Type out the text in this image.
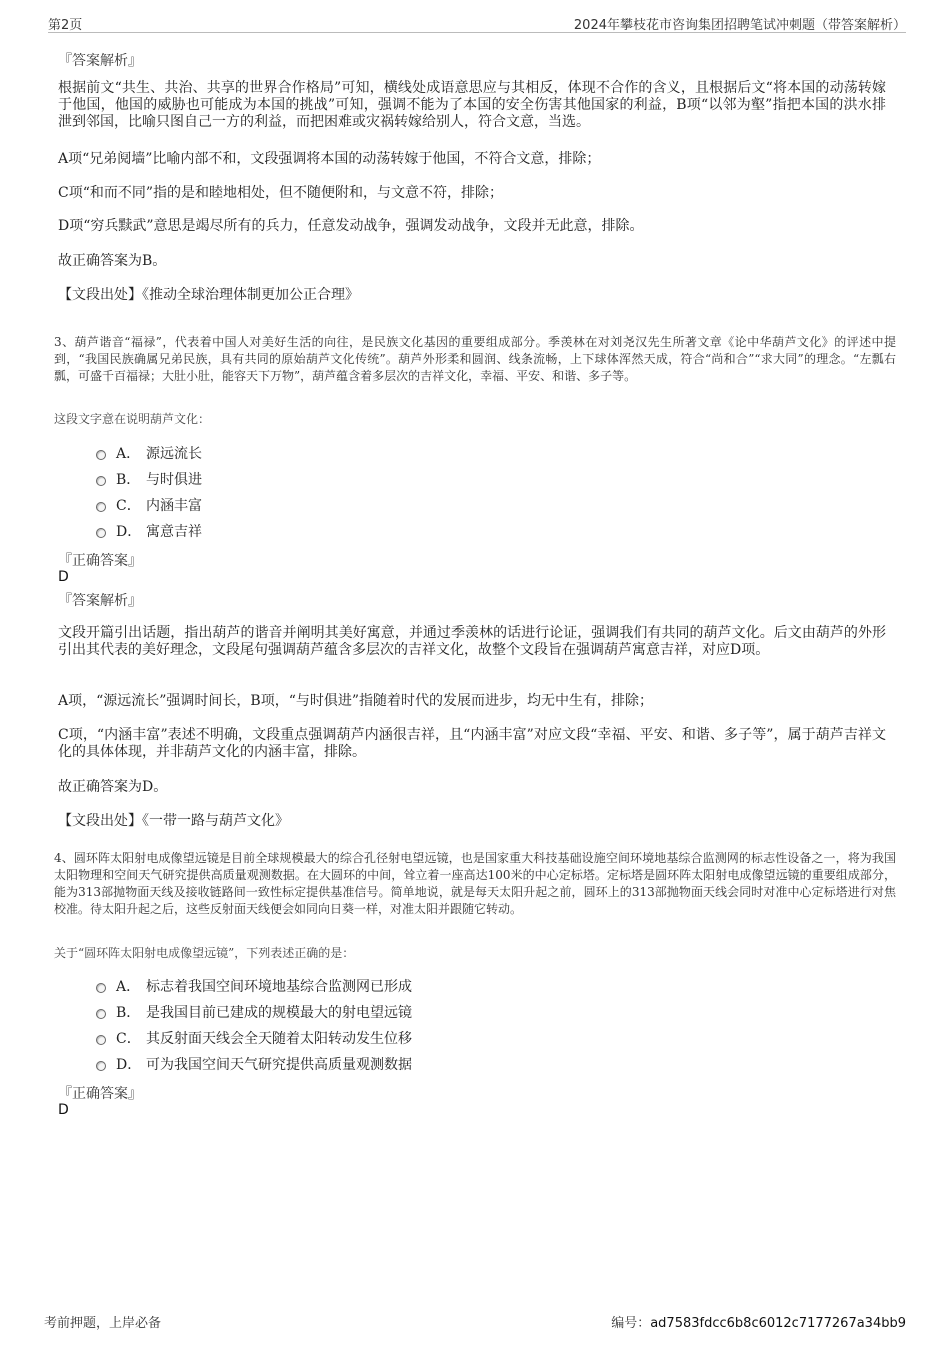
第2页	2024年攀枝花市咨询集团招聘笔试冲刺题（带答案解析）
『答案解析』
根据前文“共生、共治、共享的世界合作格局”可知，横线处成语意思应与其相反，体现不合作的含义，且根据后文“将本国的动荡转嫁于他国，他国的威胁也可能成为本国的挑战”可知，强调不能为了本国的安全伤害其他国家的利益，B项“以邻为壑”指把本国的洪水排泄到邻国，比喻只图自己一方的利益，而把困难或灾祸转嫁给别人，符合文意，当选。
A项“兄弟阋墙”比喻内部不和，文段强调将本国的动荡转嫁于他国，不符合文意，排除；
C项“和而不同”指的是和睦地相处，但不随便附和，与文意不符，排除；
D项“穷兵黩武”意思是竭尽所有的兵力，任意发动战争，强调发动战争，文段并无此意，排除。
故正确答案为B。
【文段出处】《推动全球治理体制更加公正合理》
3、葫芦谐音“福禄”，代表着中国人对美好生活的向往，是民族文化基因的重要组成部分。季羡林在对刘尧汉先生所著文章《论中华葫芦文化》的评述中提到，“我国民族确属兄弟民族，具有共同的原始葫芦文化传统”。葫芦外形柔和圆润、线条流畅，上下球体浑然天成，符合“尚和合”“求大同”的理念。“左瓢右瓢，可盛千百福禄；大肚小肚，能容天下万物”，葫芦蕴含着多层次的吉祥文化，幸福、平安、和谐、多子等。
这段文字意在说明葫芦文化：
A． 源远流长
B． 与时俱进
C． 内涵丰富
D． 寓意吉祥
『正确答案』
D
『答案解析』
文段开篇引出话题，指出葫芦的谐音并阐明其美好寓意，并通过季羡林的话进行论证，强调我们有共同的葫芦文化。后文由葫芦的外形引出其代表的美好理念，文段尾句强调葫芦蕴含多层次的吉祥文化，故整个文段旨在强调葫芦寓意吉祥，对应D项。
A项，“源远流长”强调时间长，B项，“与时俱进”指随着时代的发展而进步，均无中生有，排除；
C项，“内涵丰富”表述不明确，文段重点强调葫芦内涵很吉祥，且“内涵丰富”对应文段“幸福、平安、和谐、多子等”，属于葫芦吉祥文化的具体体现，并非葫芦文化的内涵丰富，排除。
故正确答案为D。
【文段出处】《一带一路与葫芦文化》
4、圆环阵太阳射电成像望远镜是目前全球规模最大的综合孔径射电望远镜，也是国家重大科技基础设施空间环境地基综合监测网的标志性设备之一，将为我国太阳物理和空间天气研究提供高质量观测数据。在大圆环的中间，耸立着一座高达100米的中心定标塔。定标塔是圆环阵太阳射电成像望远镜的重要组成部分，能为313部抛物面天线及接收链路间一致性标定提供基准信号。简单地说，就是每天太阳升起之前，圆环上的313部抛物面天线会同时对准中心定标塔进行对焦校准。待太阳升起之后，这些反射面天线便会如同向日葵一样，对准太阳并跟随它转动。
关于“圆环阵太阳射电成像望远镜”，下列表述正确的是：
A． 标志着我国空间环境地基综合监测网已形成
B． 是我国目前已建成的规模最大的射电望远镜
C． 其反射面天线会全天随着太阳转动发生位移
D． 可为我国空间天气研究提供高质量观测数据
『正确答案』
D
考前押题，上岸必备	编号：ad7583fdcc6b8c6012c7177267a34bb9
